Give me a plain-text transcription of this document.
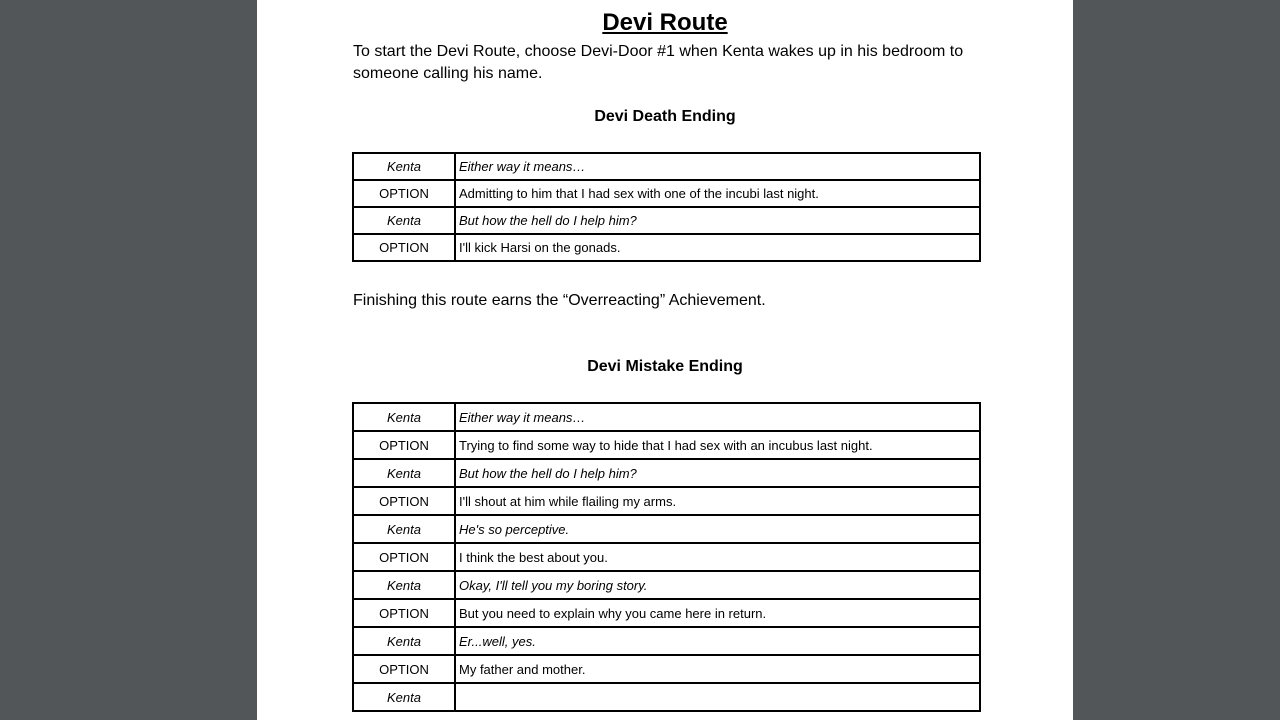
Devi Route

To start the Devi Route, choose Devi-Door #1 when Kenta wakes up in his bedroom to someone calling his name.

Devi Death Ending
Kenta	Either way it means…
OPTION	Admitting to him that I had sex with one of the incubi last night.
Kenta	But how the hell do I help him?
OPTION	I'll kick Harsi on the gonads.

Finishing this route earns the “Overreacting” Achievement.

Devi Mistake Ending
Kenta	Either way it means…
OPTION	Trying to find some way to hide that I had sex with an incubus last night.
Kenta	But how the hell do I help him?
OPTION	I'll shout at him while flailing my arms.
Kenta	He's so perceptive.
OPTION	I think the best about you.
Kenta	Okay, I'll tell you my boring story.
OPTION	But you need to explain why you came here in return.
Kenta	Er...well, yes.
OPTION	My father and mother.
Kenta	
